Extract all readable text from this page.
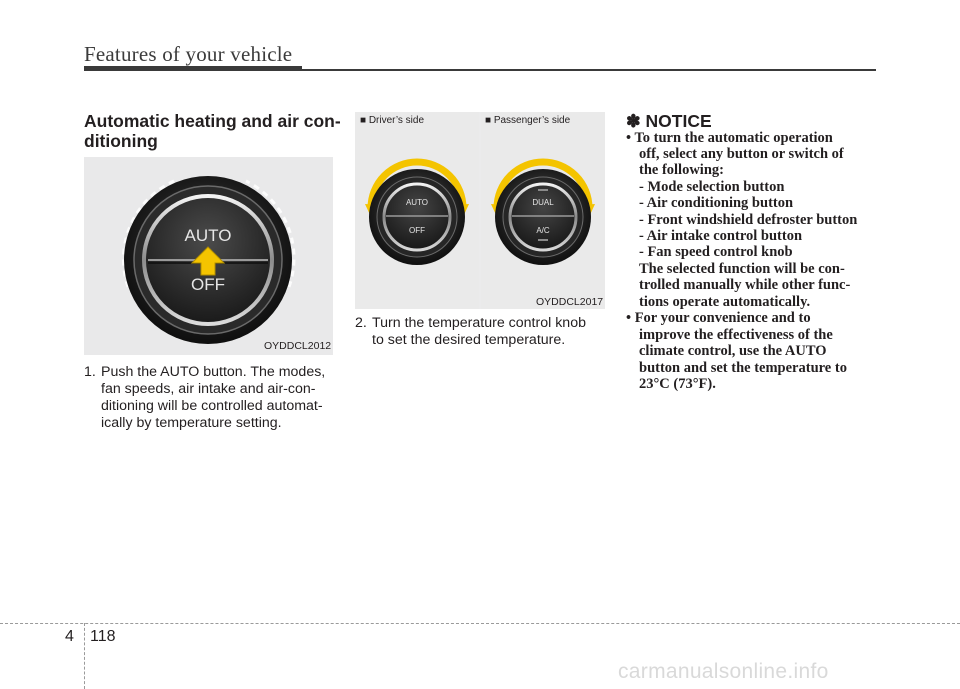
Features of your vehicle
Automatic heating and air con-
ditioning
AUTO
OFF
OYDDCL2012
1. Push the AUTO button. The modes,
fan speeds, air intake and air-con-
ditioning will be controlled automat-
ically by temperature setting.
AUTO
OFF
DUAL
A/C
■ Driver’s side	■ Passenger’s side
OYDDCL2017
2. Turn the temperature control knob
to set the desired temperature.
✽ NOTICE
• To turn the automatic operation
off, select any button or switch of
the following:
- Mode selection button
- Air conditioning button
- Front windshield defroster button
- Air intake control button
- Fan speed control knob
The selected function will be con-
trolled manually while other func-
tions operate automatically.
• For your convenience and to
improve the effectiveness of the
climate control, use the AUTO
button and set the temperature to
23°C (73°F).
4 118
carmanualsonline.info
